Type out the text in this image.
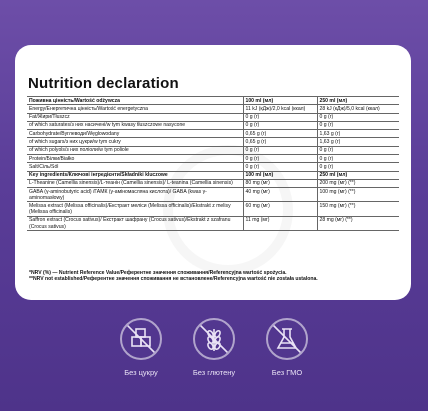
Nutrition declaration
Поживна цінність/Wartość odżywcza	100 ml (мл)	250 ml (мл)
Energy/Енергетична цінність/Wartość energetyczna	11 kJ (кДж)/2,0 kcal (ккал)	28 kJ (кДж)/5,0 kcal (ккал)
Fat/Жири/Tłuszcz	0 g (г)	0 g (г)
of which saturates/з них насичені/w tym kwasy tłuszczowe nasycone	0 g (г)	0 g (г)
Carbohydrate/Вуглеводи/Węglowodany	0,65 g (г)	1,63 g (г)
of which sugars/з них цукри/w tym cukry	0,65 g (г)	1,63 g (г)
of which polyols/з них поліоли/w tym poliole	0 g (г)	0 g (г)
Protein/Білки/Białko	0 g (г)	0 g (г)
Salt/Сіль/Sól	0 g (г)	0 g (г)
Key ingredients/Ключові інгредієнти/Składniki kluczowe	100 ml (мл)	250 ml (мл)
L-Theanine (Camellia sinensis)/L-теанін (Camellia sinensis)/ L-teanina (Camellia sinensis)	80 mg (мг)	200 mg (мг) (**)
GABA (γ-aminobutyric acid) /ГАМК (γ-аміномасляна кислота)/ GABA (kwas γ-aminomasłowy)	40 mg (мг)	100 mg (мг) (**)
Melissa extract (Melissa officinalis)/Екстракт меліси (Melissa officinalis)/Ekstrakt z melisy (Melissa officinalis)	60 mg (мг)	150 mg (мг) (**)
Saffron extract (Crocus sativus)/ Екстракт шафрану (Crocus sativus)/Ekstrakt z szafranu (Crocus sativus)	11 mg (мг)	28 mg (мг) (**)
*NRV (%) — Nutrient Reference Value/Референтне значення споживання/Referencyjna wartość spożycia.
**NRV not established/Референтне значення споживання не встановлене/Referencyjna wartość nie została ustalona.
Без цукру	Без глютену	Без ГМО
